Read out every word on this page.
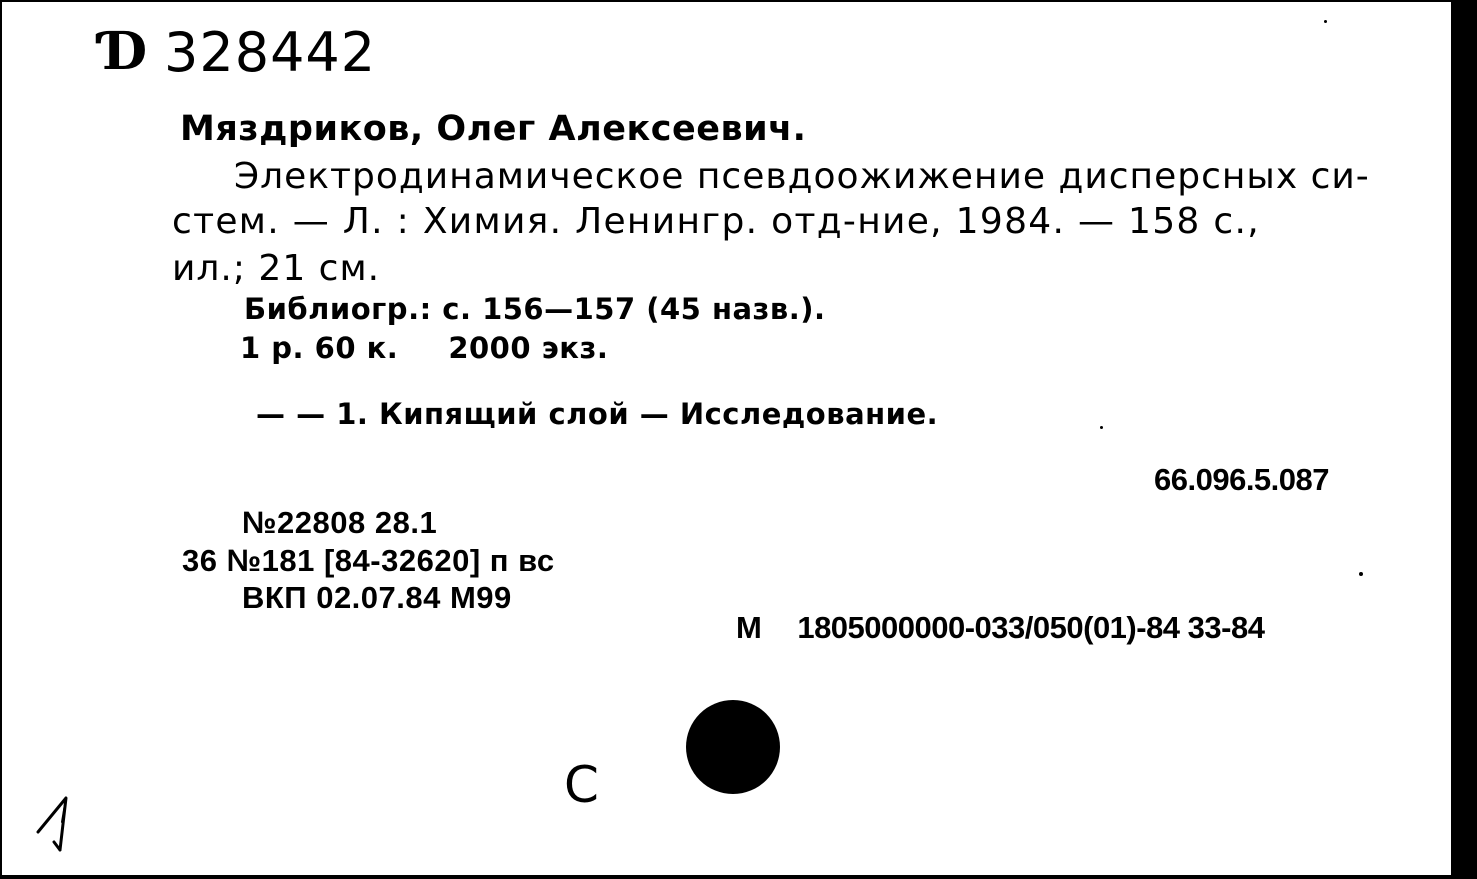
Ɗ 328442
Мяздриков, Олег Алексеевич.
Электродинамическое псевдоожижение дисперсных си-
стем. — Л. : Химия. Ленингр. отд-ние, 1984. — 158 с.,
ил.; 21 см.
Библиогр.: с. 156—157 (45 назв.).
1 р. 60 к. 2000 экз.
— — 1. Кипящий слой — Исследование.
66.096.5.087
№22808 28.1
36 №181 [84-32620] п вс
ВКП 02.07.84 М99
М 1805000000-033/050(01)-84 33-84
С
